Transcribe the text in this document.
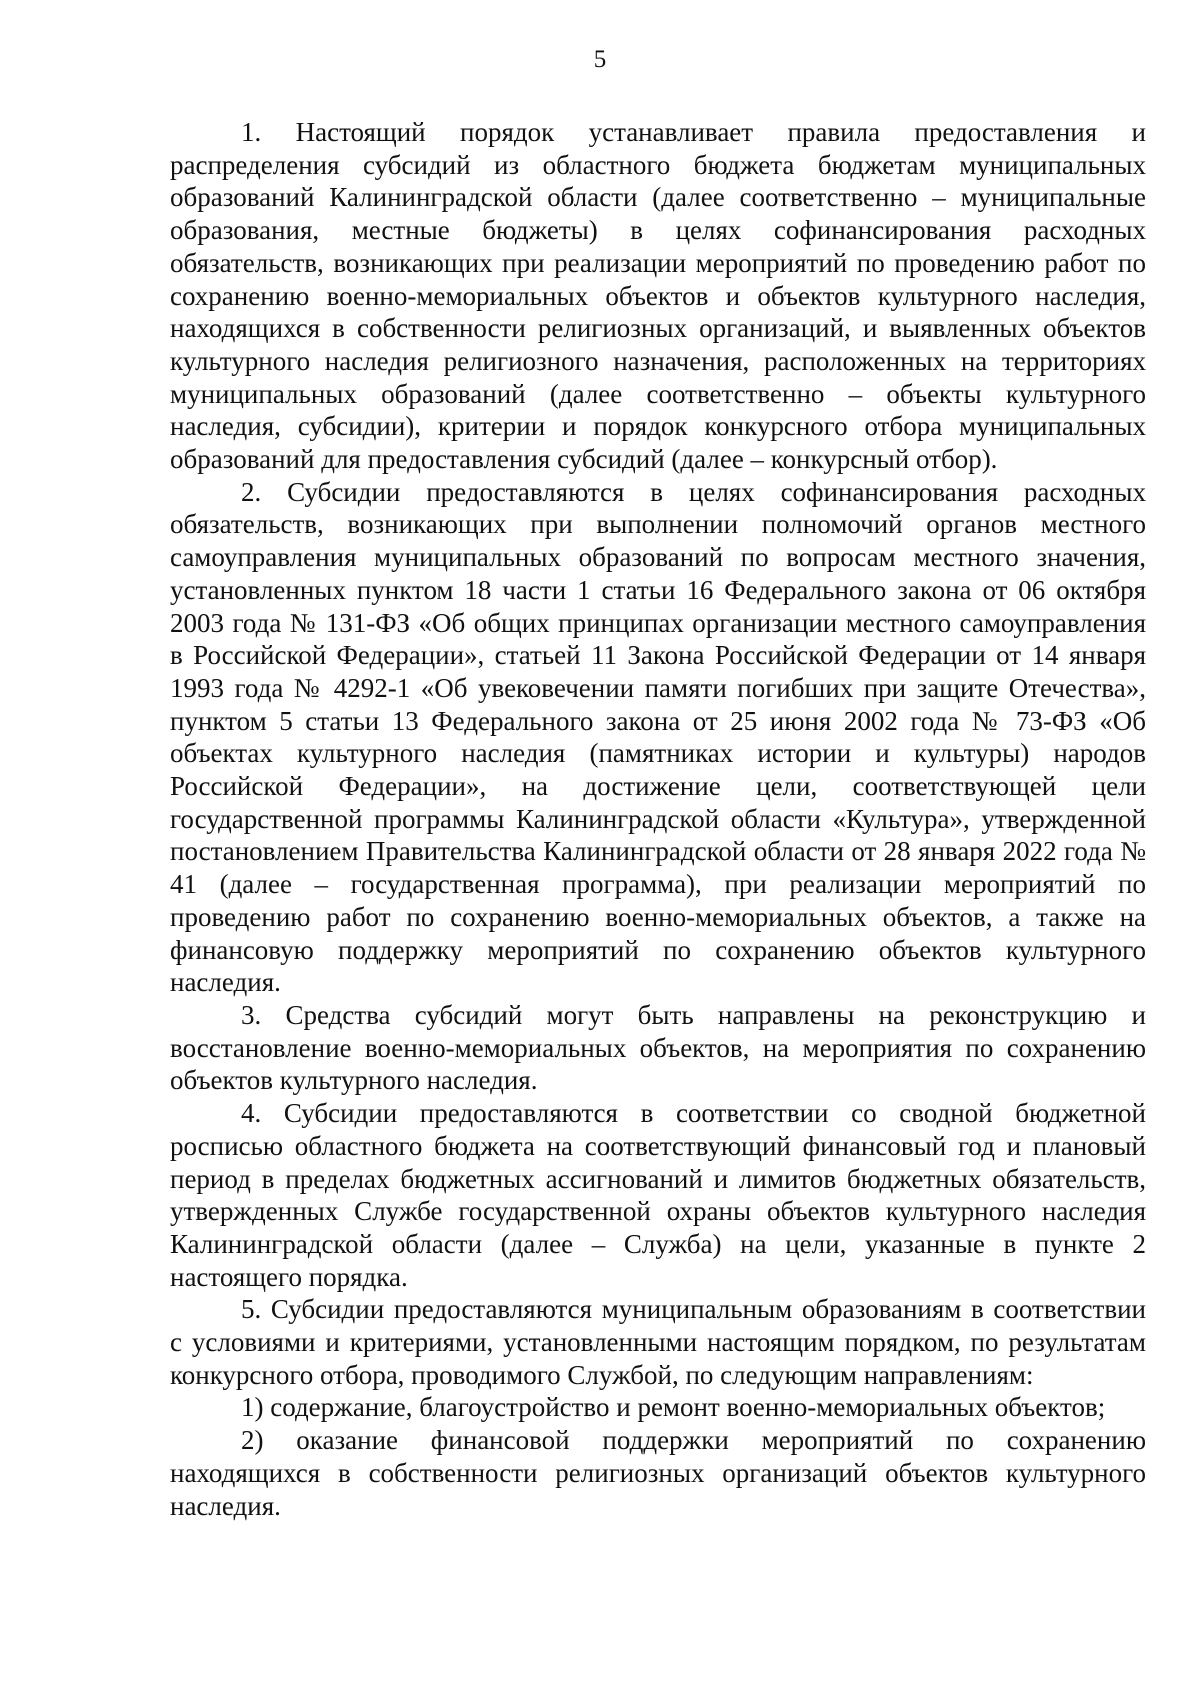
5

1. Настоящий порядок устанавливает правила предоставления и распределения субсидий из областного бюджета бюджетам муниципальных образований Калининградской области (далее соответственно – муниципальные образования, местные бюджеты) в целях софинансирования расходных обязательств, возникающих при реализации мероприятий по проведению работ по сохранению военно-мемориальных объектов и объектов культурного наследия, находящихся в собственности религиозных организаций, и выявленных объектов культурного наследия религиозного назначения, расположенных на территориях муниципальных образований (далее соответственно – объекты культурного наследия, субсидии), критерии и порядок конкурсного отбора муниципальных образований для предоставления субсидий (далее – конкурсный отбор).

2. Субсидии предоставляются в целях софинансирования расходных обязательств, возникающих при выполнении полномочий органов местного самоуправления муниципальных образований по вопросам местного значения, установленных пунктом 18 части 1 статьи 16 Федерального закона от 06 октября 2003 года № 131-ФЗ «Об общих принципах организации местного самоуправления в Российской Федерации», статьей 11 Закона Российской Федерации от 14 января 1993 года № 4292-1 «Об увековечении памяти погибших при защите Отечества», пунктом 5 статьи 13 Федерального закона от 25 июня 2002 года № 73-ФЗ «Об объектах культурного наследия (памятниках истории и культуры) народов Российской Федерации», на достижение цели, соответствующей цели государственной программы Калининградской области «Культура», утвержденной постановлением Правительства Калининградской области от 28 января 2022 года № 41 (далее – государственная программа), при реализации мероприятий по проведению работ по сохранению военно-мемориальных объектов, а также на финансовую поддержку мероприятий по сохранению объектов культурного наследия.

3. Средства субсидий могут быть направлены на реконструкцию и восстановление военно-мемориальных объектов, на мероприятия по сохранению объектов культурного наследия.

4. Субсидии предоставляются в соответствии со сводной бюджетной росписью областного бюджета на соответствующий финансовый год и плановый период в пределах бюджетных ассигнований и лимитов бюджетных обязательств, утвержденных Службе государственной охраны объектов культурного наследия Калининградской области (далее – Служба) на цели, указанные в пункте 2 настоящего порядка.

5. Субсидии предоставляются муниципальным образованиям в соответствии с условиями и критериями, установленными настоящим порядком, по результатам конкурсного отбора, проводимого Службой, по следующим направлениям:

1) содержание, благоустройство и ремонт военно-мемориальных объектов;

2) оказание финансовой поддержки мероприятий по сохранению находящихся в собственности религиозных организаций объектов культурного наследия.
